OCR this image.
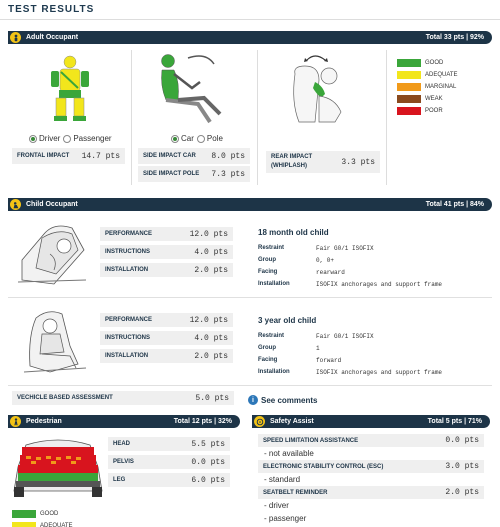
TEST RESULTS
Adult Occupant	Total 33 pts | 92%
Driver Passenger
FRONTAL IMPACT 14.7 pts
Car Pole
SIDE IMPACT CAR 8.0 pts
SIDE IMPACT POLE 7.3 pts
REAR IMPACT
(WHIPLASH)	3.3 pts
GOOD
ADEQUATE
MARGINAL
WEAK
POOR
Child Occupant	Total 41 pts | 84%
PERFORMANCE	12.0 pts
INSTRUCTIONS	4.0 pts
INSTALLATION	2.0 pts
18 month old child
Restraint	Fair G0/1 ISOFIX
Group	0, 0+
Facing	rearward
Installation	ISOFIX anchorages and support frame
PERFORMANCE	12.0 pts
INSTRUCTIONS	4.0 pts
INSTALLATION	2.0 pts
3 year old child
Restraint	Fair G0/1 ISOFIX
Group	1
Facing	forward
Installation	ISOFIX anchorages and support frame
VECHICLE BASED ASSESSMENT	5.0 pts	i See comments
Pedestrian	Total 12 pts | 32%
HEAD	5.5 pts
PELVIS	0.0 pts
LEG	6.0 pts
GOOD
ADEQUATE
Safety Assist	Total 5 pts | 71%
SPEED LIMITATION ASSISTANCE	0.0 pts
- not available
ELECTRONIC STABILITY CONTROL (ESC)	3.0 pts
- standard
SEATBELT REMINDER	2.0 pts
- driver
- passenger
